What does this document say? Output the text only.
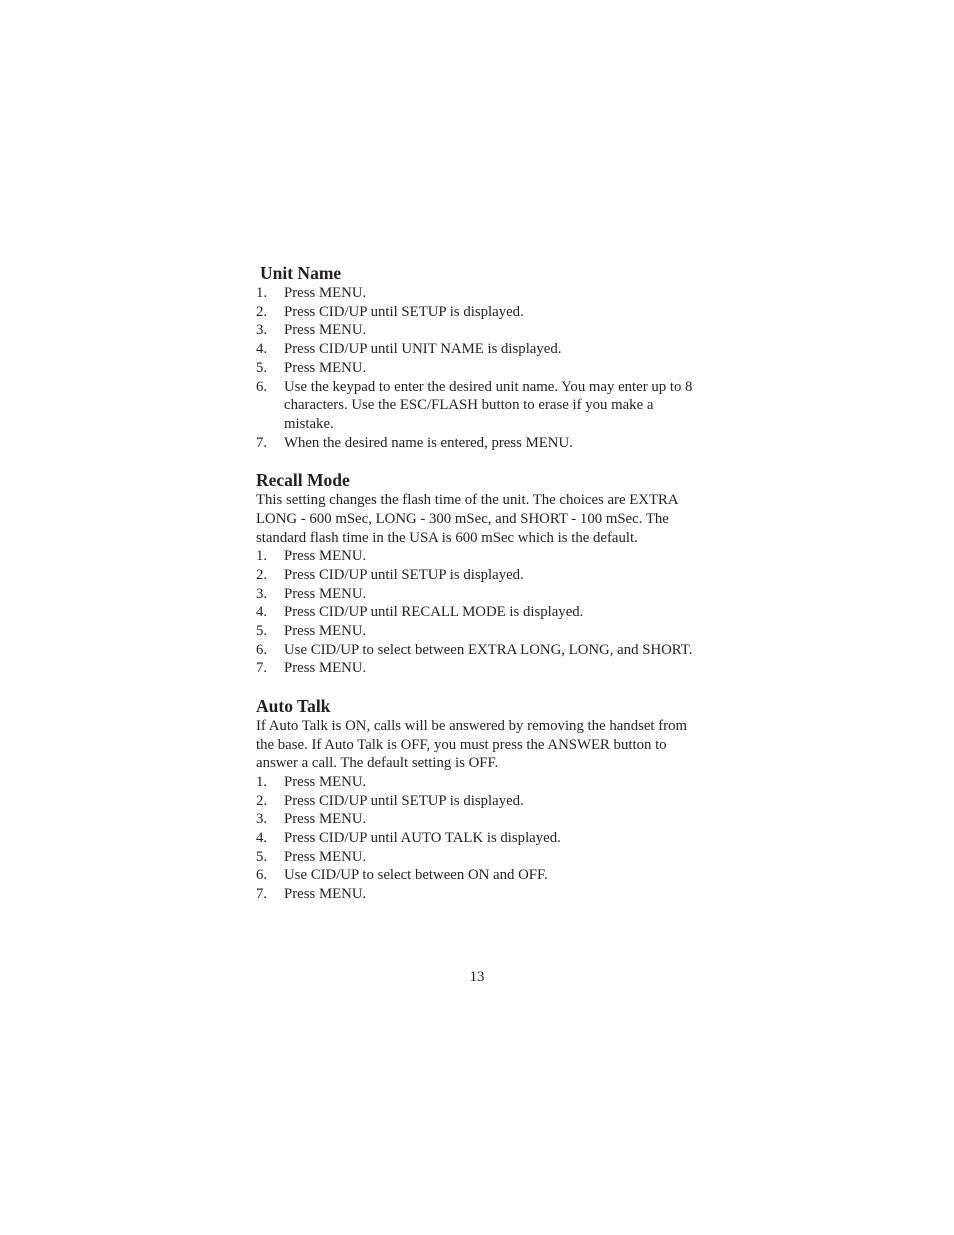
Unit Name
1.	Press MENU.
2.	Press CID/UP until SETUP is displayed.
3.	Press MENU.
4.	Press CID/UP until UNIT NAME is displayed.
5.	Press MENU.
6.	Use the keypad to enter the desired unit name. You may enter up to 8 characters. Use the ESC/FLASH button to erase if you make a mistake.
7.	When the desired name is entered, press MENU.
Recall Mode

This setting changes the flash time of the unit. The choices are EXTRA LONG - 600 mSec, LONG - 300 mSec, and SHORT - 100 mSec. The standard flash time in the USA is 600 mSec which is the default.

1.	Press MENU.
2.	Press CID/UP until SETUP is displayed.
3.	Press MENU.
4.	Press CID/UP until RECALL MODE is displayed.
5.	Press MENU.
6.	Use CID/UP to select between EXTRA LONG, LONG, and SHORT.
7.	Press MENU.
Auto Talk

If Auto Talk is ON, calls will be answered by removing the handset from the base. If Auto Talk is OFF, you must press the ANSWER button to answer a call. The default setting is OFF.

1.	Press MENU.
2.	Press CID/UP until SETUP is displayed.
3.	Press MENU.
4.	Press CID/UP until AUTO TALK is displayed.
5.	Press MENU.
6.	Use CID/UP to select between ON and OFF.
7.	Press MENU.
13
